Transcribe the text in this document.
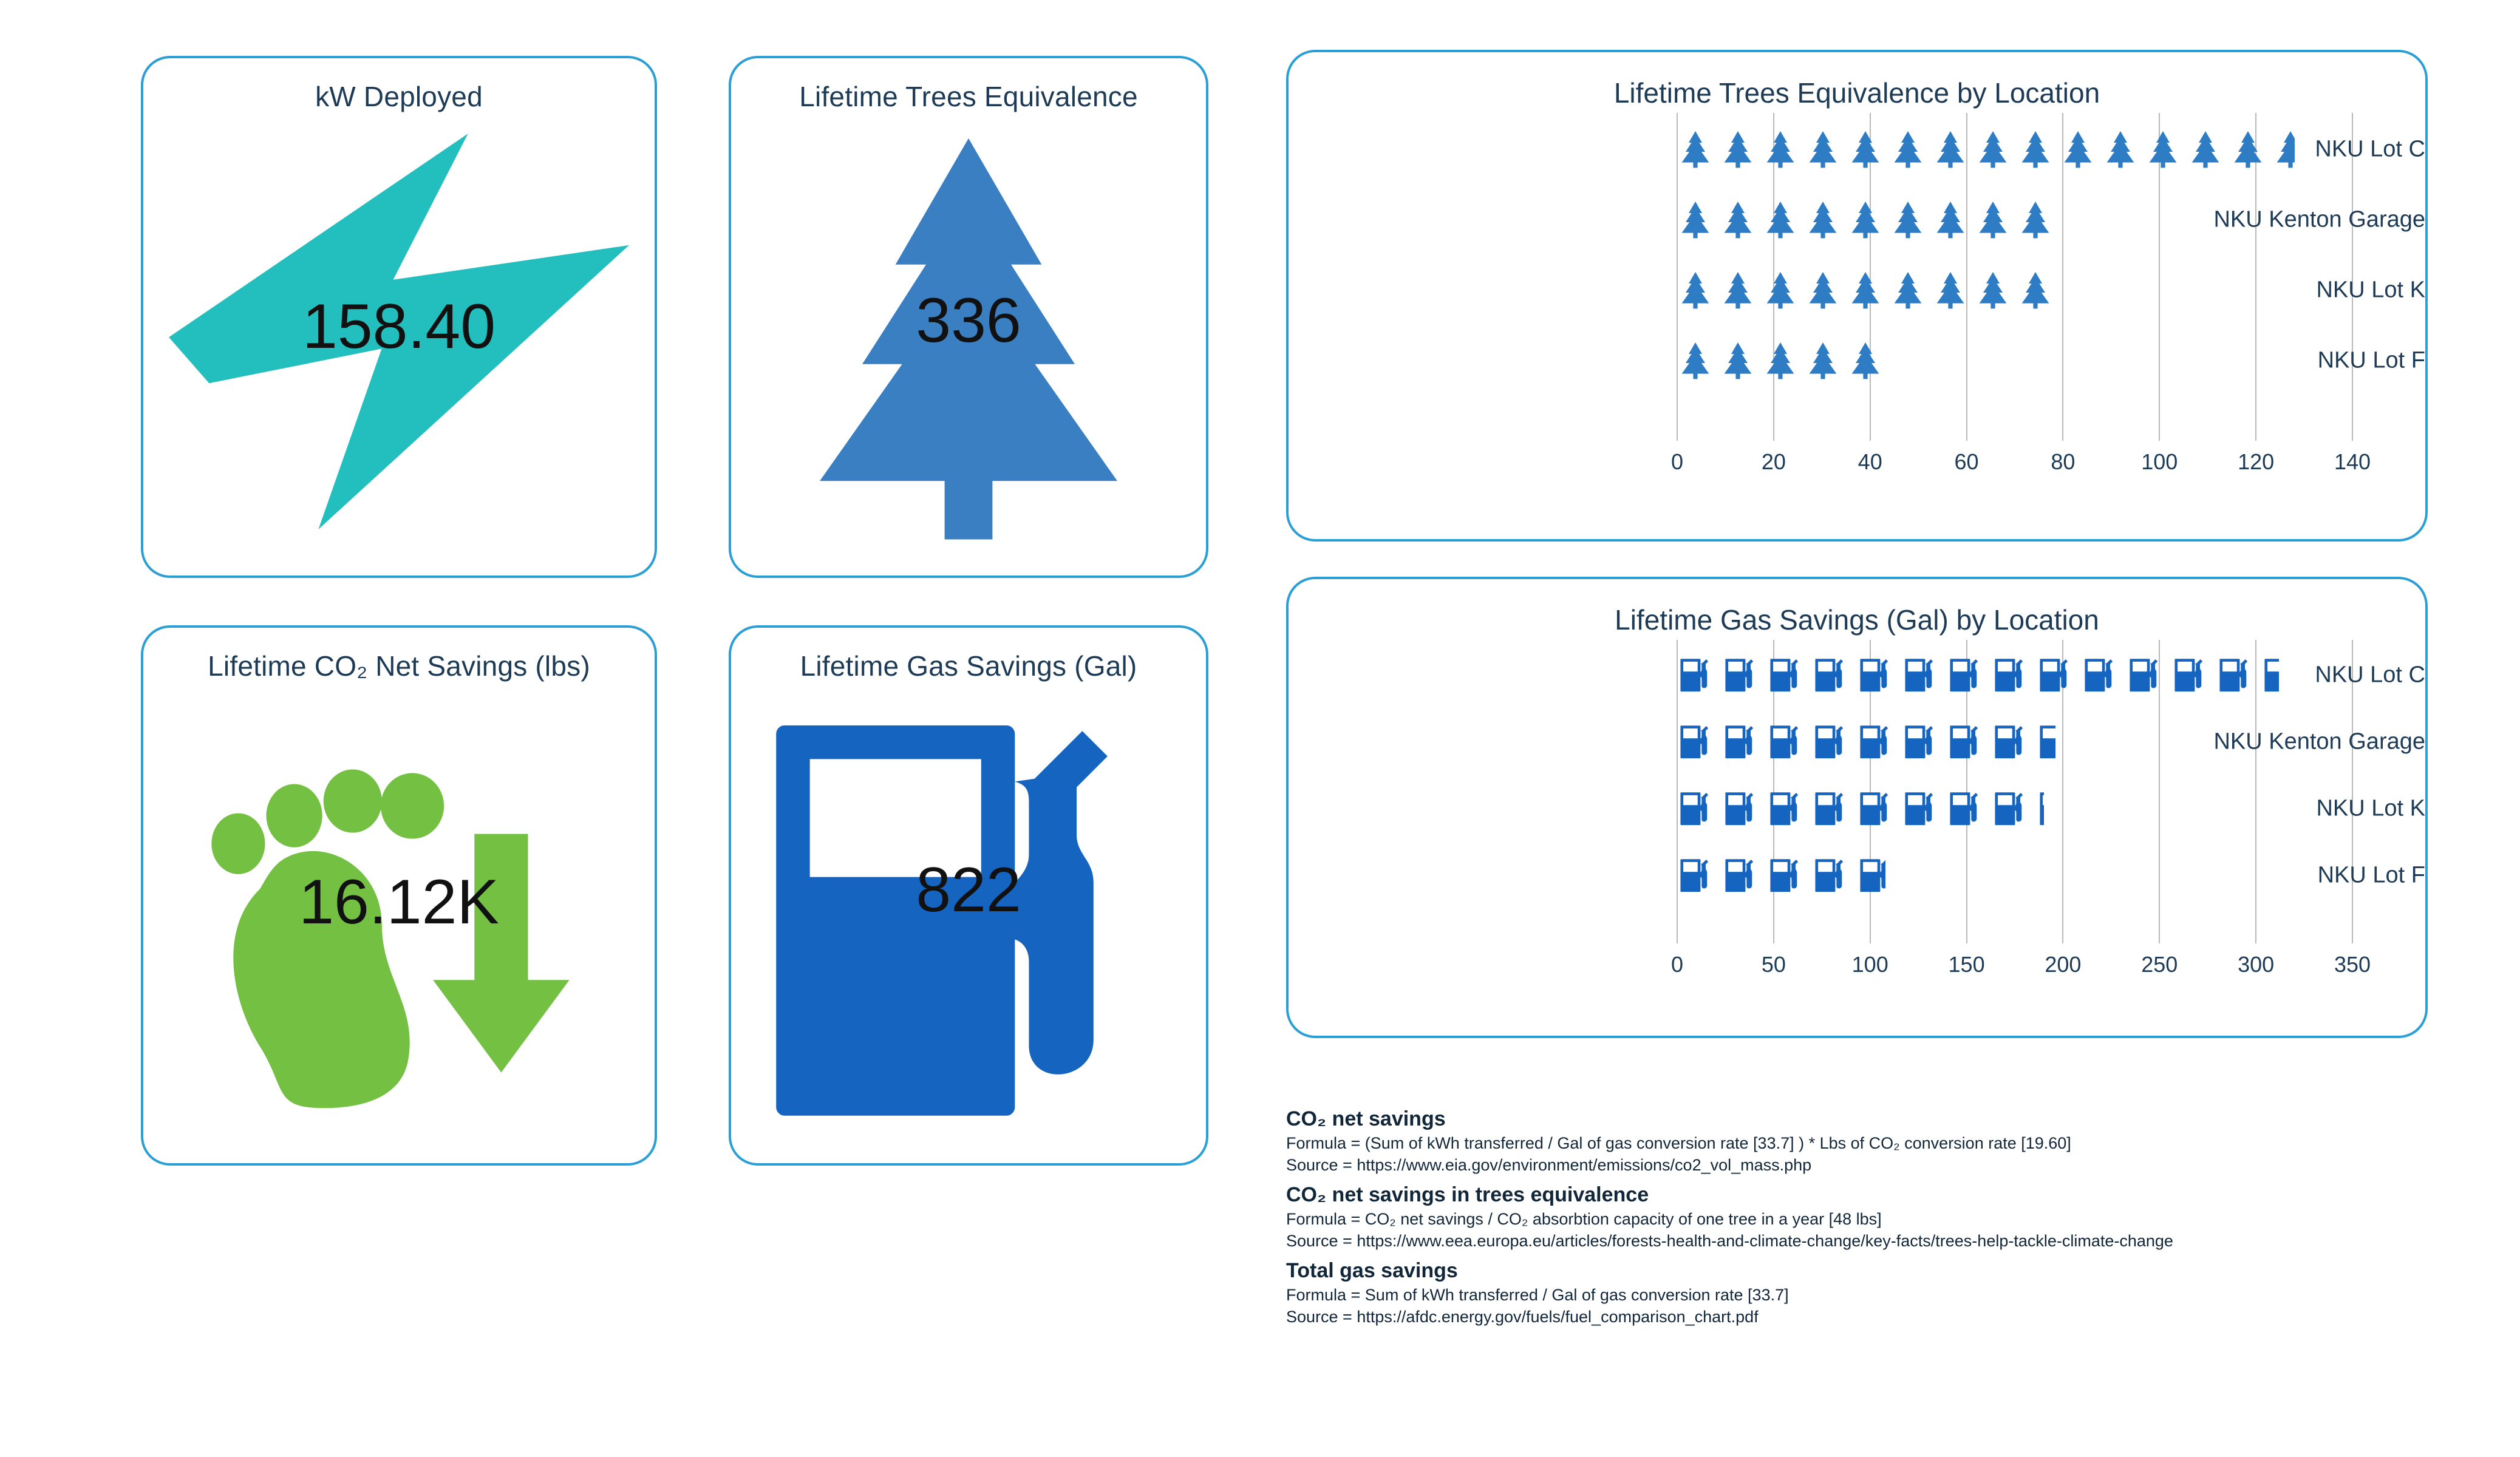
kW Deployed
158.40
Lifetime Trees Equivalence
336
Lifetime CO₂ Net Savings (lbs)
16.12K
Lifetime Gas Savings (Gal)
822
Lifetime Trees Equivalence by Location
0	20	40	60	80	100	120	140
NKU Lot C
NKU Kenton Garage
NKU Lot K
NKU Lot F
Lifetime Gas Savings (Gal) by Location
0	50	100	150	200	250	300	350
NKU Lot C
NKU Kenton Garage
NKU Lot K
NKU Lot F
CO₂ net savings
Formula = (Sum of kWh transferred / Gal of gas conversion rate [33.7] ) * Lbs of CO₂ conversion rate [19.60]
Source = https://www.eia.gov/environment/emissions/co2_vol_mass.php
CO₂ net savings in trees equivalence
Formula = CO₂ net savings / CO₂ absorbtion capacity of one tree in a year [48 lbs]
Source = https://www.eea.europa.eu/articles/forests-health-and-climate-change/key-facts/trees-help-tackle-climate-change
Total gas savings
Formula = Sum of kWh transferred / Gal of gas conversion rate [33.7]
Source = https://afdc.energy.gov/fuels/fuel_comparison_chart.pdf
